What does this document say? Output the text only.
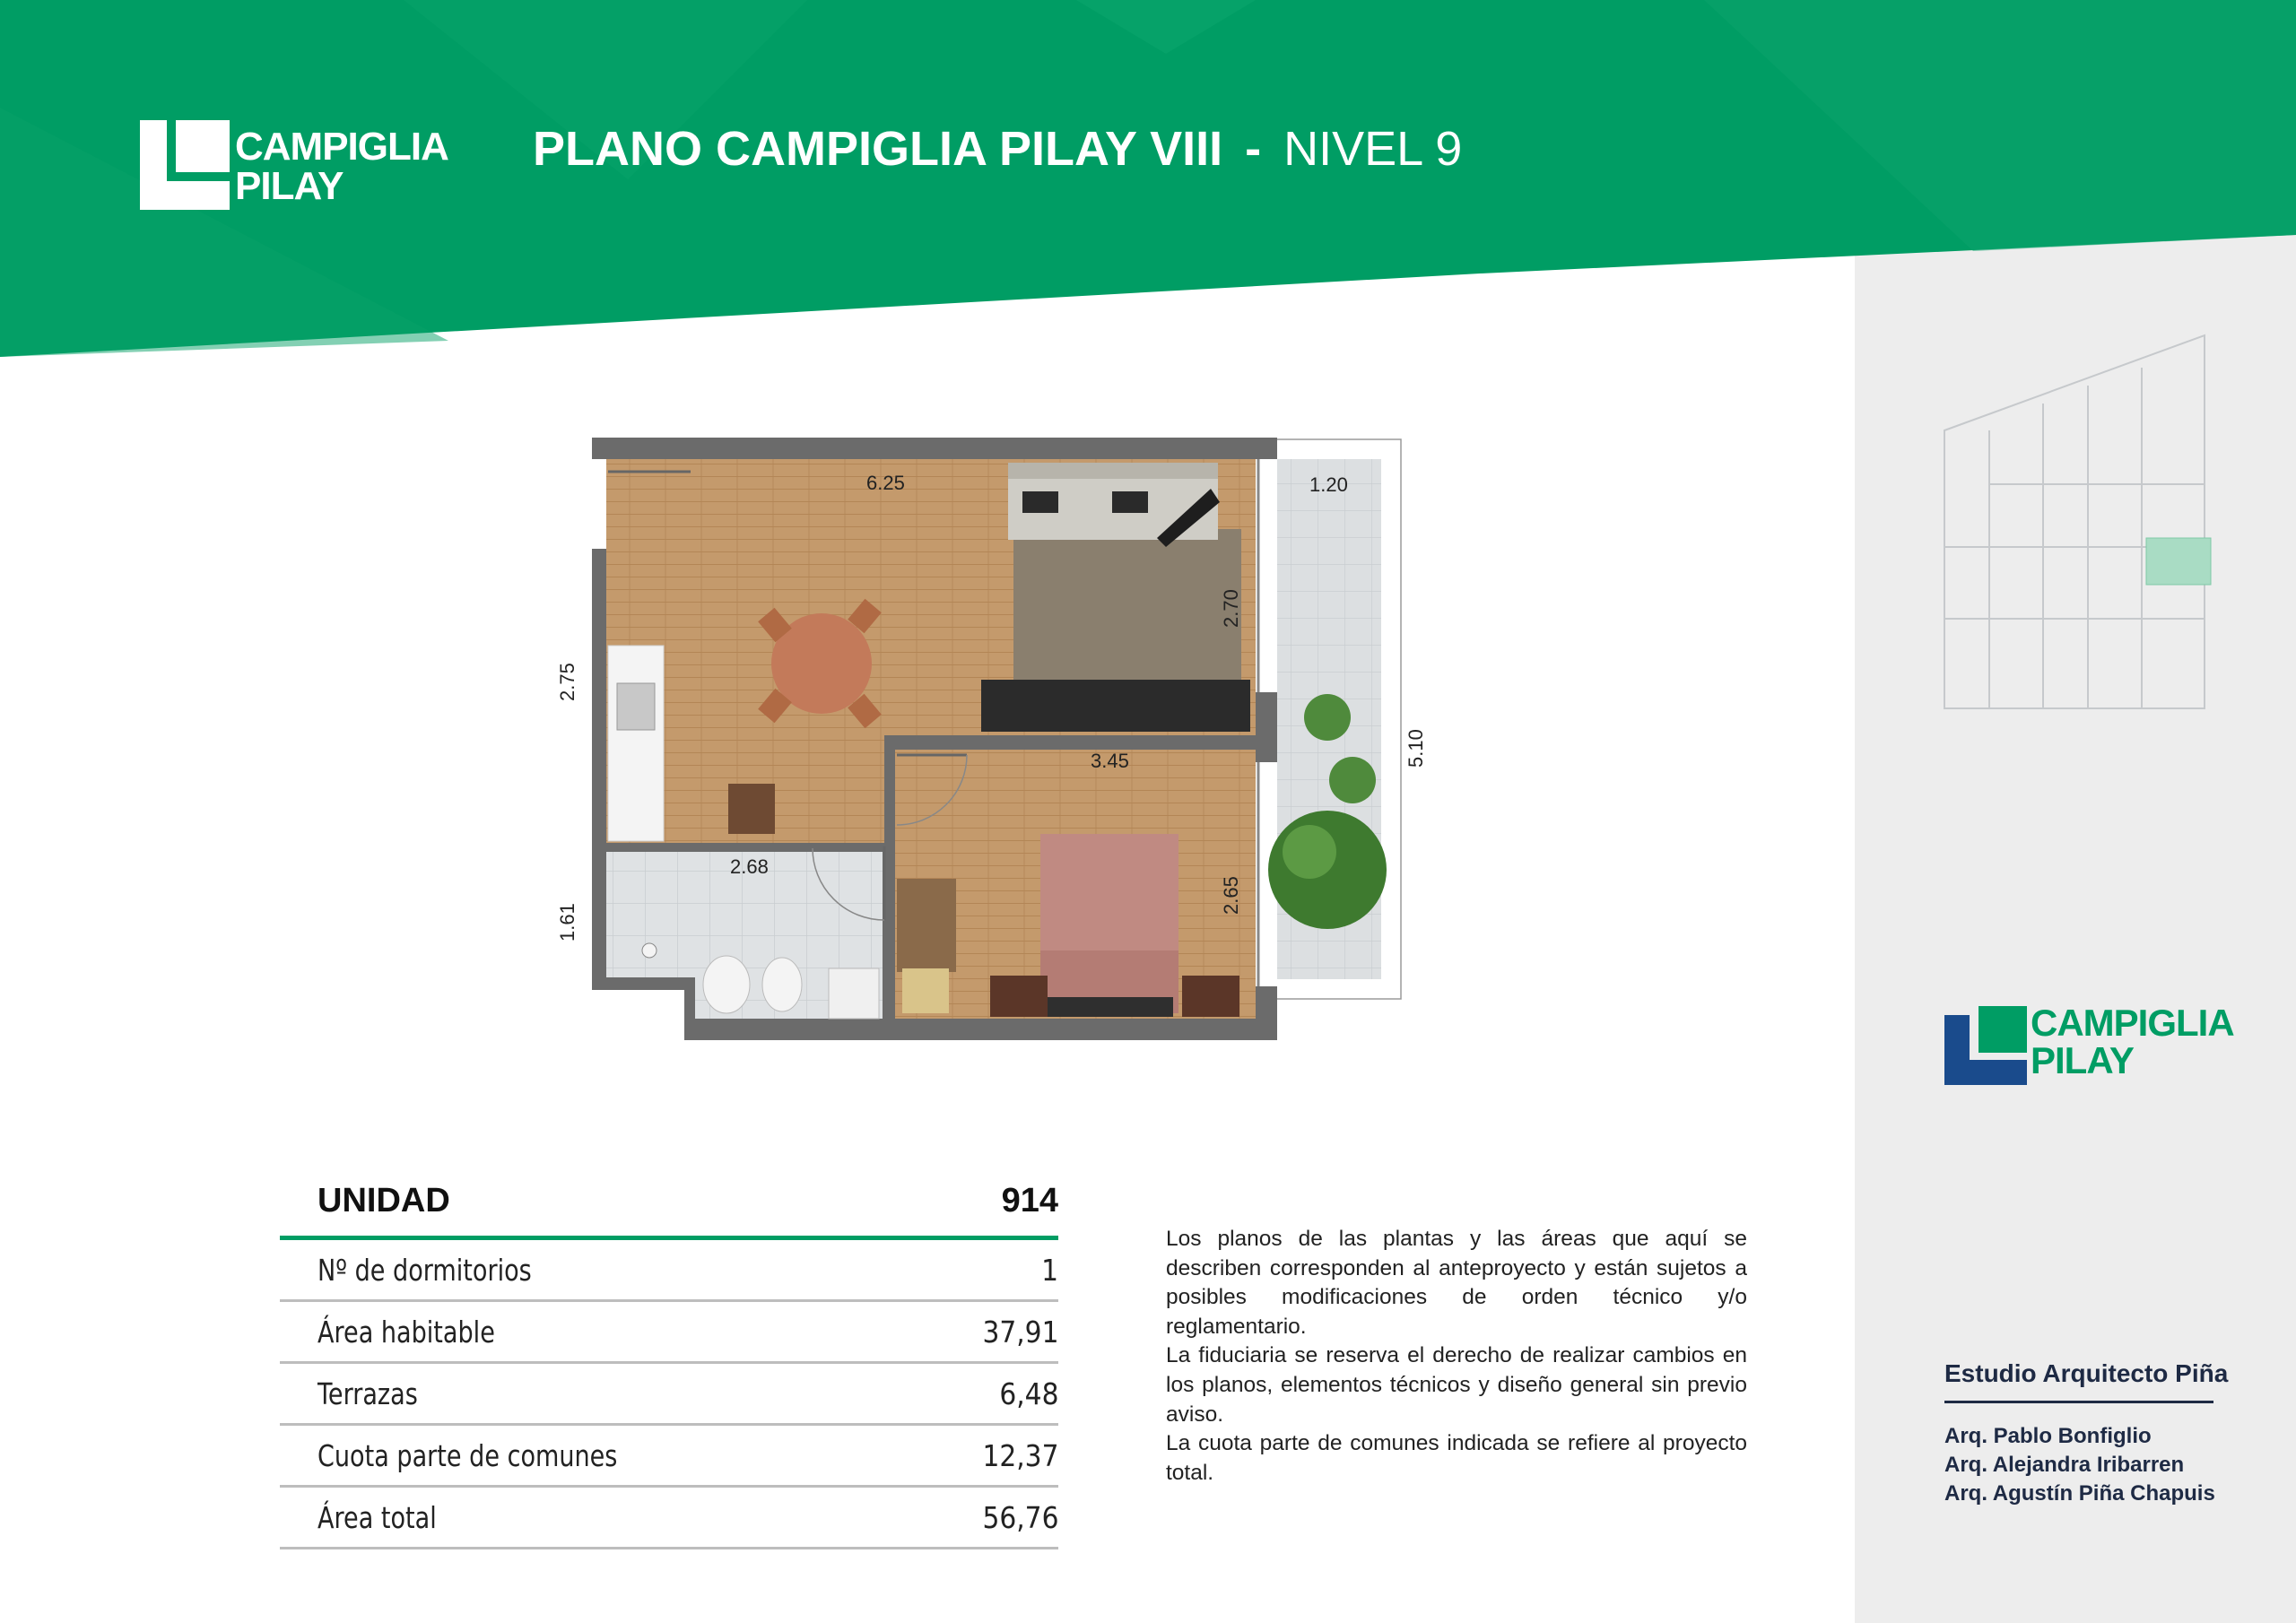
CAMPIGLIA
PILAY
PLANO CAMPIGLIA PILAY VIII - NIVEL 9
6.25	1.20
2.70
2.75
5.10
3.45
2.68
1.61
2.65
CAMPIGLIA
PILAY
Estudio Arquitecto Piña
Arq. Pablo Bonfiglio
Arq. Alejandra Iribarren
Arq. Agustín Piña Chapuis
UNIDAD	914
Nº de dormitorios	1
Área habitable	37,91
Terrazas	6,48
Cuota parte de comunes	12,37
Área total	56,76

Los planos de las plantas y las áreas que aquí se describen corresponden al anteproyecto y están sujetos a posibles modificaciones de orden técnico y/o reglamentario.

La fiduciaria se reserva el derecho de realizar cambios en los planos, elementos técnicos y diseño general sin previo aviso.

La cuota parte de comunes indicada se refiere al proyecto total.
